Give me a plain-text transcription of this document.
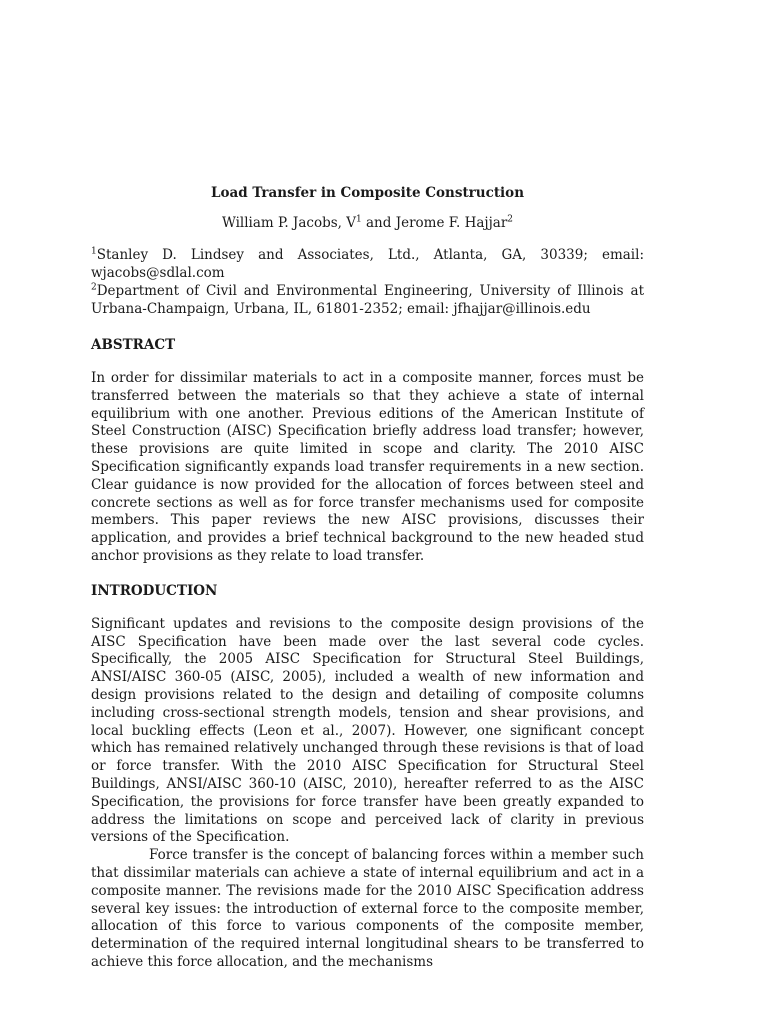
Load Transfer in Composite Construction
William P. Jacobs, $V^1$ and Jerome F. Hajjar$^2$
$^1$Stanley D. Lindsey and Associates, Ltd., Atlanta, GA, 30339; email: wjacobs@sdlal.com
$^2$Department of Civil and Environmental Engineering, University of Illinois at Urbana-Champaign, Urbana, IL, 61801-2352; email: jfhajjar@illinois.edu
ABSTRACT
In order for dissimilar materials to act in a composite manner, forces must be transferred between the materials so that they achieve a state of internal equilibrium with one another. Previous editions of the American Institute of Steel Construction (AISC) Specification briefly address load transfer; however, these provisions are quite limited in scope and clarity. The 2010 AISC Specification significantly expands load transfer requirements in a new section. Clear guidance is now provided for the allocation of forces between steel and concrete sections as well as for force transfer mechanisms used for composite members. This paper reviews the new AISC provisions, discusses their application, and provides a brief technical background to the new headed stud anchor provisions as they relate to load transfer.
INTRODUCTION
Significant updates and revisions to the composite design provisions of the AISC Specification have been made over the last several code cycles. Specifically, the 2005 AISC Specification for Structural Steel Buildings, ANSI/AISC 360-05 (AISC, 2005), included a wealth of new information and design provisions related to the design and detailing of composite columns including cross-sectional strength models, tension and shear provisions, and local buckling effects (Leon et al., 2007). However, one significant concept which has remained relatively unchanged through these revisions is that of load or force transfer. With the 2010 AISC Specification for Structural Steel Buildings, ANSI/AISC 360-10 (AISC, 2010), hereafter referred to as the AISC Specification, the provisions for force transfer have been greatly expanded to address the limitations on scope and perceived lack of clarity in previous versions of the Specification.
Force transfer is the concept of balancing forces within a member such that dissimilar materials can achieve a state of internal equilibrium and act in a composite manner. The revisions made for the 2010 AISC Specification address several key issues: the introduction of external force to the composite member, allocation of this force to various components of the composite member, determination of the required internal longitudinal shears to be transferred to achieve this force allocation, and the mechanisms
